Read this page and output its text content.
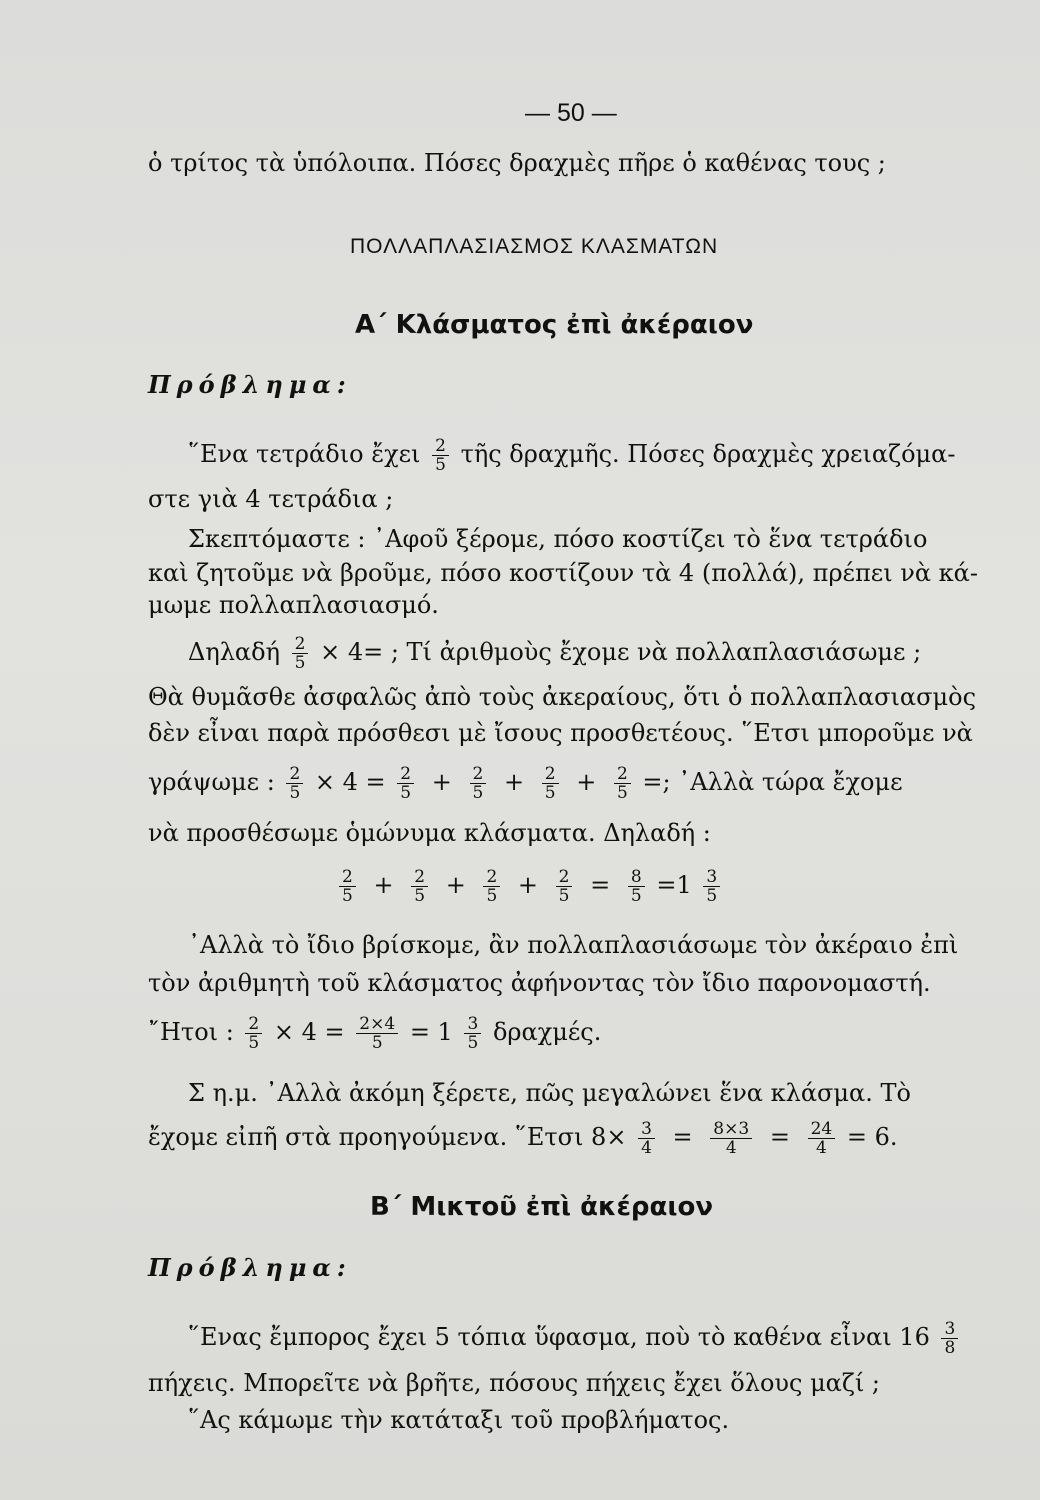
— 50 —
ὁ τρίτος τὰ ὑπόλοιπα. Πόσες δραχμὲς πῆρε ὁ καθένας τους ;
ΠΟΛΛΑΠΛΑΣΙΑΣΜΟΣ ΚΛΑΣΜΑΤΩΝ
Α΄ Κλάσματος ἐπὶ ἀκέραιον
Πρόβλημα:
῞Ενα τετράδιο ἔχει $\frac{2}{5}$ τῆς δραχμῆς. Πόσες δραχμὲς χρειαζόμα-
στε γιὰ 4 τετράδια ;
Σκεπτόμαστε : ᾿Αφοῦ ξέρομε, πόσο κοστίζει τὸ ἕνα τετράδιο
καὶ ζητοῦμε νὰ βροῦμε, πόσο κοστίζουν τὰ 4 (πολλά), πρέπει νὰ κά-
μωμε πολλαπλασιασμό.
Δηλαδή $\frac{2}{5} \times 4=$ ; Τί ἀριθμοὺς ἔχομε νὰ πολλαπλασιάσωμε ;
Θὰ θυμᾶσθε ἀσφαλῶς ἀπὸ τοὺς ἀκεραίους, ὅτι ὁ πολλαπλασιασμὸς
δὲν εἶναι παρὰ πρόσθεσι μὲ ἴσους προσθετέους. ῞Ετσι μποροῦμε νὰ
γράψωμε : $\frac{2}{5} \times 4 = \frac{2}{5} + \frac{2}{5} + \frac{2}{5} + \frac{2}{5}$ =; ᾿Αλλὰ τώρα ἔχομε
νὰ προσθέσωμε ὁμώνυμα κλάσματα. Δηλαδή :
$\frac{2}{5} + \frac{2}{5} + \frac{2}{5} + \frac{2}{5} = \frac{8}{5} =1 \frac{3}{5}$
᾿Αλλὰ τὸ ἴδιο βρίσκομε, ἂν πολλαπλασιάσωμε τὸν ἀκέραιο ἐπὶ
τὸν ἀριθμητὴ τοῦ κλάσματος ἀφήνοντας τὸν ἴδιο παρονομαστή.
῎Ητοι : $\frac{2}{5} \times 4 = \frac{2\times 4}{5} = 1 \frac{3}{5} \delta\rho\alpha\chi\mu έ\varsigma$.
Σ η.μ. ᾿Αλλὰ ἀκόμη ξέρετε, πῶς μεγαλώνει ἕνα κλάσμα. Τὸ
ἔχομε εἰπῆ στὰ προηγούμενα. ῞Ετσι $8\times \frac{3}{4} = \frac{8\times 3}{4} = \frac{24}{4} = 6$.
Β΄ Μικτοῦ ἐπὶ ἀκέραιον
Πρόβλημα:
῞Ενας ἔμπορος ἔχει 5 τόπια ὕφασμα, ποὺ τὸ καθένα εἶναι $16 \frac{3}{8}$
πήχεις. Μπορεῖτε νὰ βρῆτε, πόσους πήχεις ἔχει ὅλους μαζί ;
῞Ας κάμωμε τὴν κατάταξι τοῦ προβλήματος.
